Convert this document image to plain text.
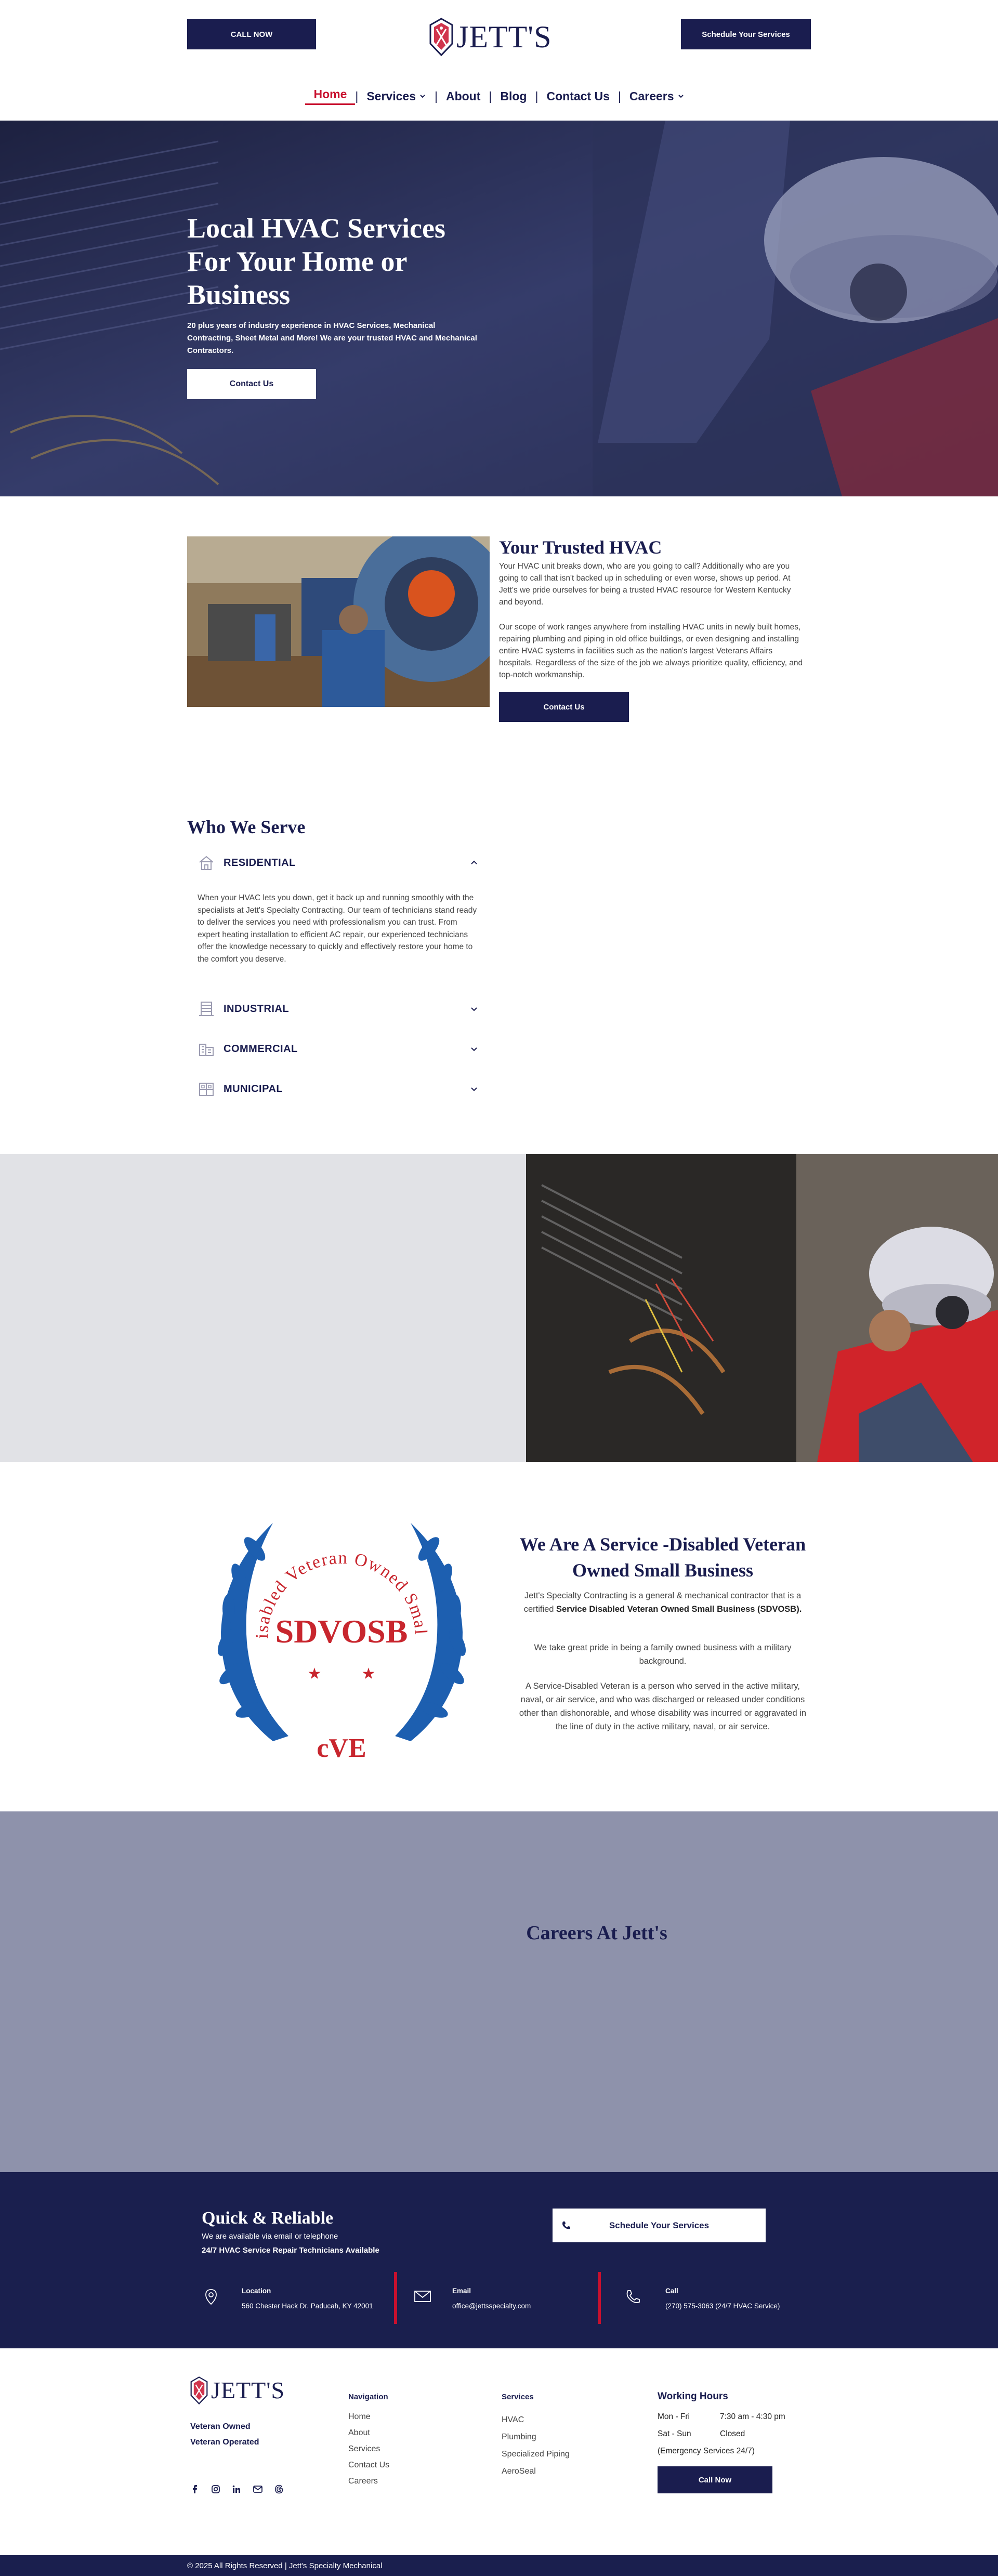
CALL NOW	JETT'S	Schedule Your Services
Home | Services | About | Blog | Contact Us | Careers
Local HVAC Services For Your Home or Business

20 plus years of industry experience in HVAC Services, Mechanical Contracting, Sheet Metal and More! We are your trusted HVAC and Mechanical Contractors.

Contact Us
Your Trusted HVAC

Your HVAC unit breaks down, who are you going to call? Additionally who are you going to call that isn't backed up in scheduling or even worse, shows up period. At Jett's we pride ourselves for being a trusted HVAC resource for Western Kentucky and beyond.

Our scope of work ranges anywhere from installing HVAC units in newly built homes, repairing plumbing and piping in old office buildings, or even designing and installing entire HVAC systems in facilities such as the nation's largest Veterans Affairs hospitals. Regardless of the size of the job we always prioritize quality, efficiency, and top-notch workmanship.

Contact Us
Who We Serve
RESIDENTIAL

When your HVAC lets you down, get it back up and running smoothly with the specialists at Jett's Specialty Contracting. Our team of technicians stand ready to deliver the services you need with professionalism you can trust. From expert heating installation to efficient AC repair, our experienced technicians offer the knowledge necessary to quickly and effectively restore your home to the comfort you deserve.

INDUSTRIAL
COMMERCIAL
MUNICIPAL
isabled Veteran Owned Smal
SDVOSB
★	★
cVE
We Are A Service -Disabled Veteran Owned Small Business

Jett's Specialty Contracting is a general & mechanical contractor that is a certified Service Disabled Veteran Owned Small Business (SDVOSB).

We take great pride in being a family owned business with a military background.

A Service-Disabled Veteran is a person who served in the active military, naval, or air service, and who was discharged or released under conditions other than dishonorable, and whose disability was incurred or aggravated in the line of duty in the active military, naval, or air service.

Careers At Jett's
Quick & Reliable

We are available via email or telephone

24/7 HVAC Service Repair Technicians Available

Schedule Your Services

Location

560 Chester Hack Dr. Paducah, KY 42001

Email

office@jettsspecialty.com

Call

(270) 575-3063 (24/7 HVAC Service)

JETT'S

Veteran Owned

Veteran Operated

Navigation

Home
About
Services
Contact Us
Careers

Services

HVAC
Plumbing
Specialized Piping
AeroSeal

Working Hours

Mon - Fri	7:30 am - 4:30 pm

Sat - Sun	Closed

(Emergency Services 24/7)

Call Now
© 2025 All Rights Reserved | Jett's Specialty Mechanical
